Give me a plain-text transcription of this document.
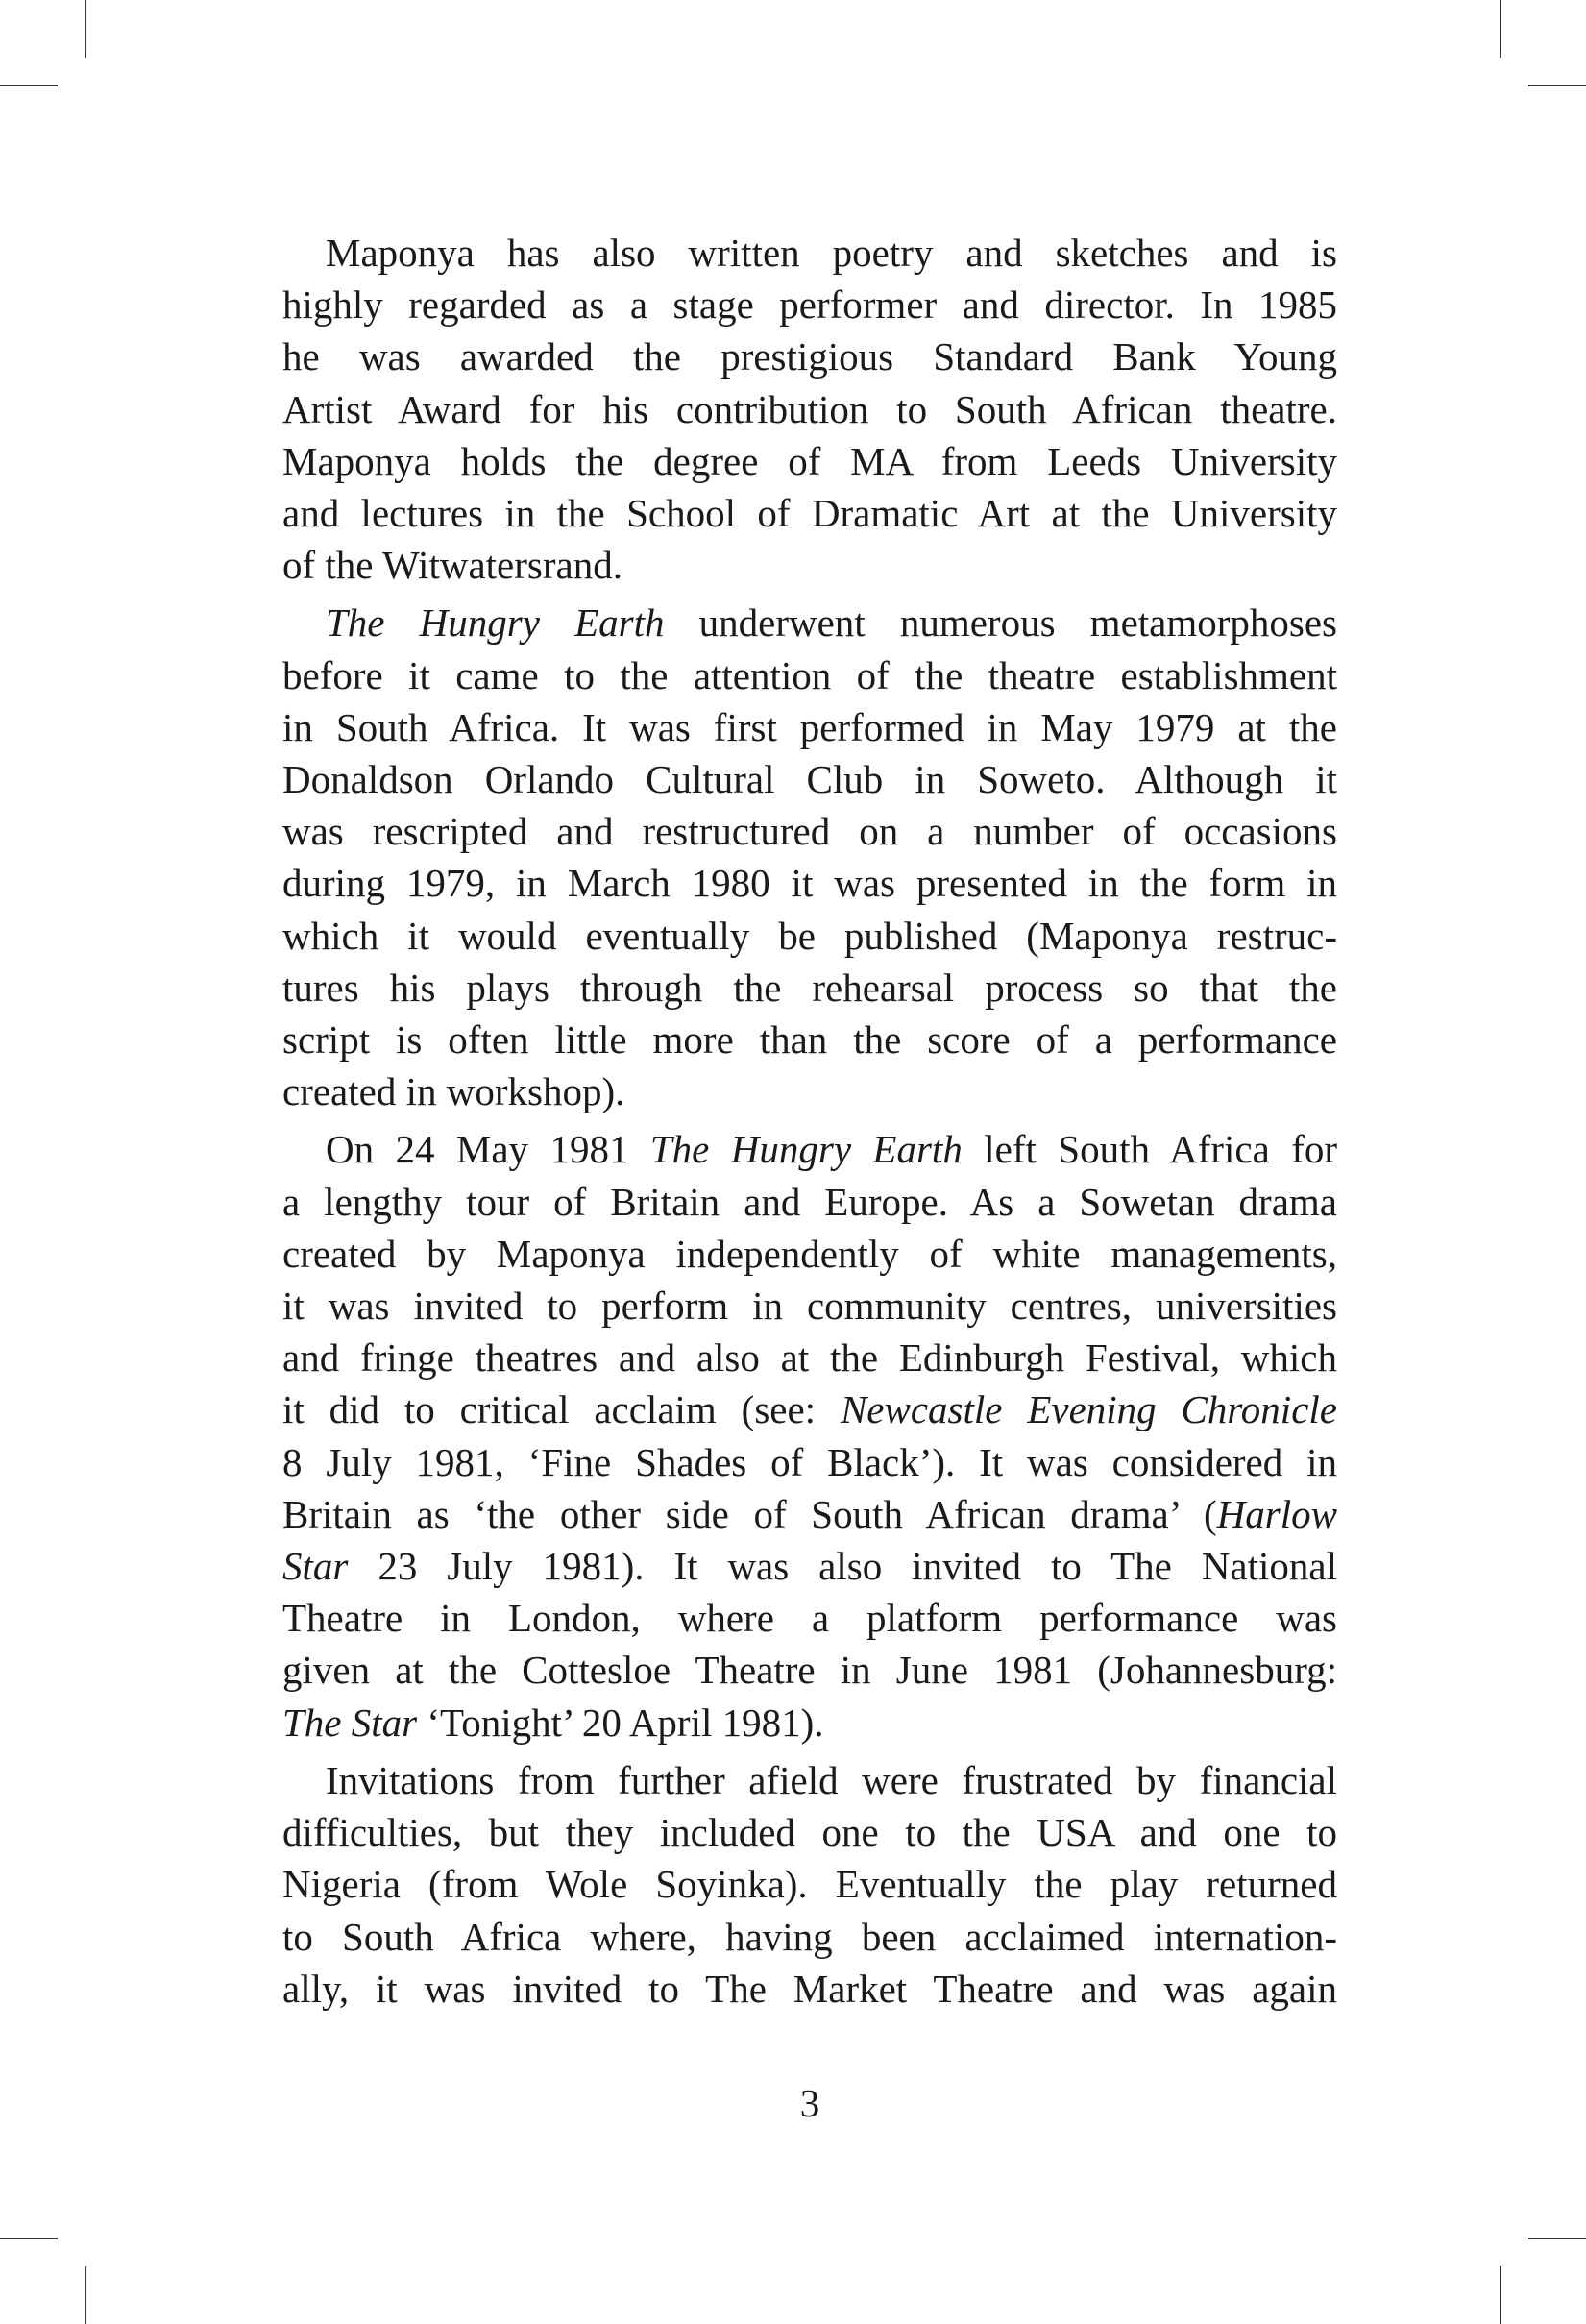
Maponya has also written poetry and sketches and is
highly regarded as a stage performer and director. In 1985
he was awarded the prestigious Standard Bank Young
Artist Award for his contribution to South African theatre.
Maponya holds the degree of MA from Leeds University
and lectures in the School of Dramatic Art at the University
of the Witwatersrand.
The Hungry Earth underwent numerous metamorphoses
before it came to the attention of the theatre establishment
in South Africa. It was first performed in May 1979 at the
Donaldson Orlando Cultural Club in Soweto. Although it
was rescripted and restructured on a number of occasions
during 1979, in March 1980 it was presented in the form in
which it would eventually be published (Maponya restruc-
tures his plays through the rehearsal process so that the
script is often little more than the score of a performance
created in workshop).
On 24 May 1981 The Hungry Earth left South Africa for
a lengthy tour of Britain and Europe. As a Sowetan drama
created by Maponya independently of white managements,
it was invited to perform in community centres, universities
and fringe theatres and also at the Edinburgh Festival, which
it did to critical acclaim (see: Newcastle Evening Chronicle
8 July 1981, ‘Fine Shades of Black’). It was considered in
Britain as ‘the other side of South African drama’ (Harlow
Star 23 July 1981). It was also invited to The National
Theatre in London, where a platform performance was
given at the Cottesloe Theatre in June 1981 (Johannesburg:
The Star ‘Tonight’ 20 April 1981).
Invitations from further afield were frustrated by financial
difficulties, but they included one to the USA and one to
Nigeria (from Wole Soyinka). Eventually the play returned
to South Africa where, having been acclaimed internation-
ally, it was invited to The Market Theatre and was again
3
